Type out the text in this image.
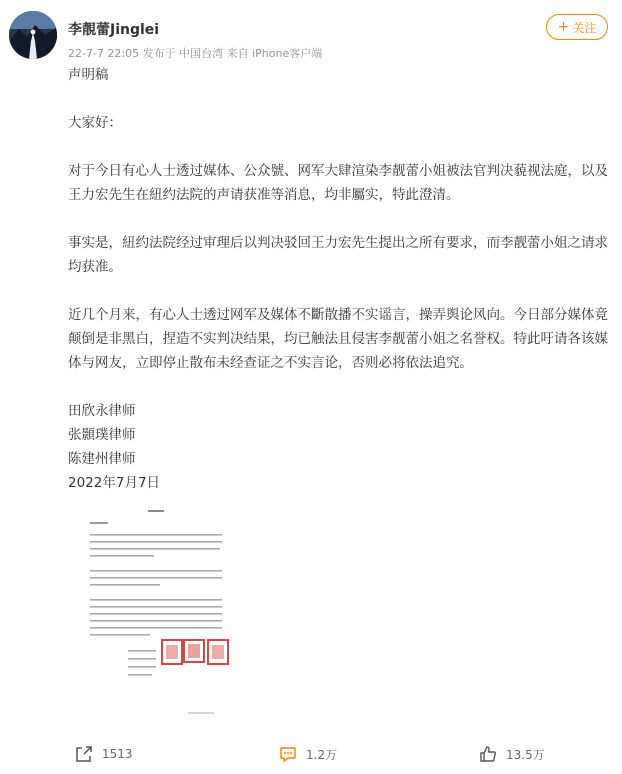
李靚蕾Jinglei
22-7-7 22:05 发布于 中国台湾 来自 iPhone客户端
+ 关注

声明稿

大家好：

对于今日有心人士透过媒体、公众號、网军大肆渲染李靓蕾小姐被法官判决藐视法庭，以及王力宏先生在紐约法院的声请获准等消息，均非屬实，特此澄清。

事实是，紐约法院经过审理后以判决驳回王力宏先生提出之所有要求，而李靓蕾小姐之请求均获准。

近几个月来，有心人士透过网军及媒体不斷散播不实谣言，操弄舆论风向。今日部分媒体竟颠倒是非黑白，捏造不实判决结果，均已触法且侵害李靓蕾小姐之名誉权。特此吁请各该媒体与网友，立即停止散布未经查证之不实言论，否则必将依法追究。

田欣永律师

张顥璞律师

陈建州律师

2022年7月7日

1513	1.2万	13.5万
